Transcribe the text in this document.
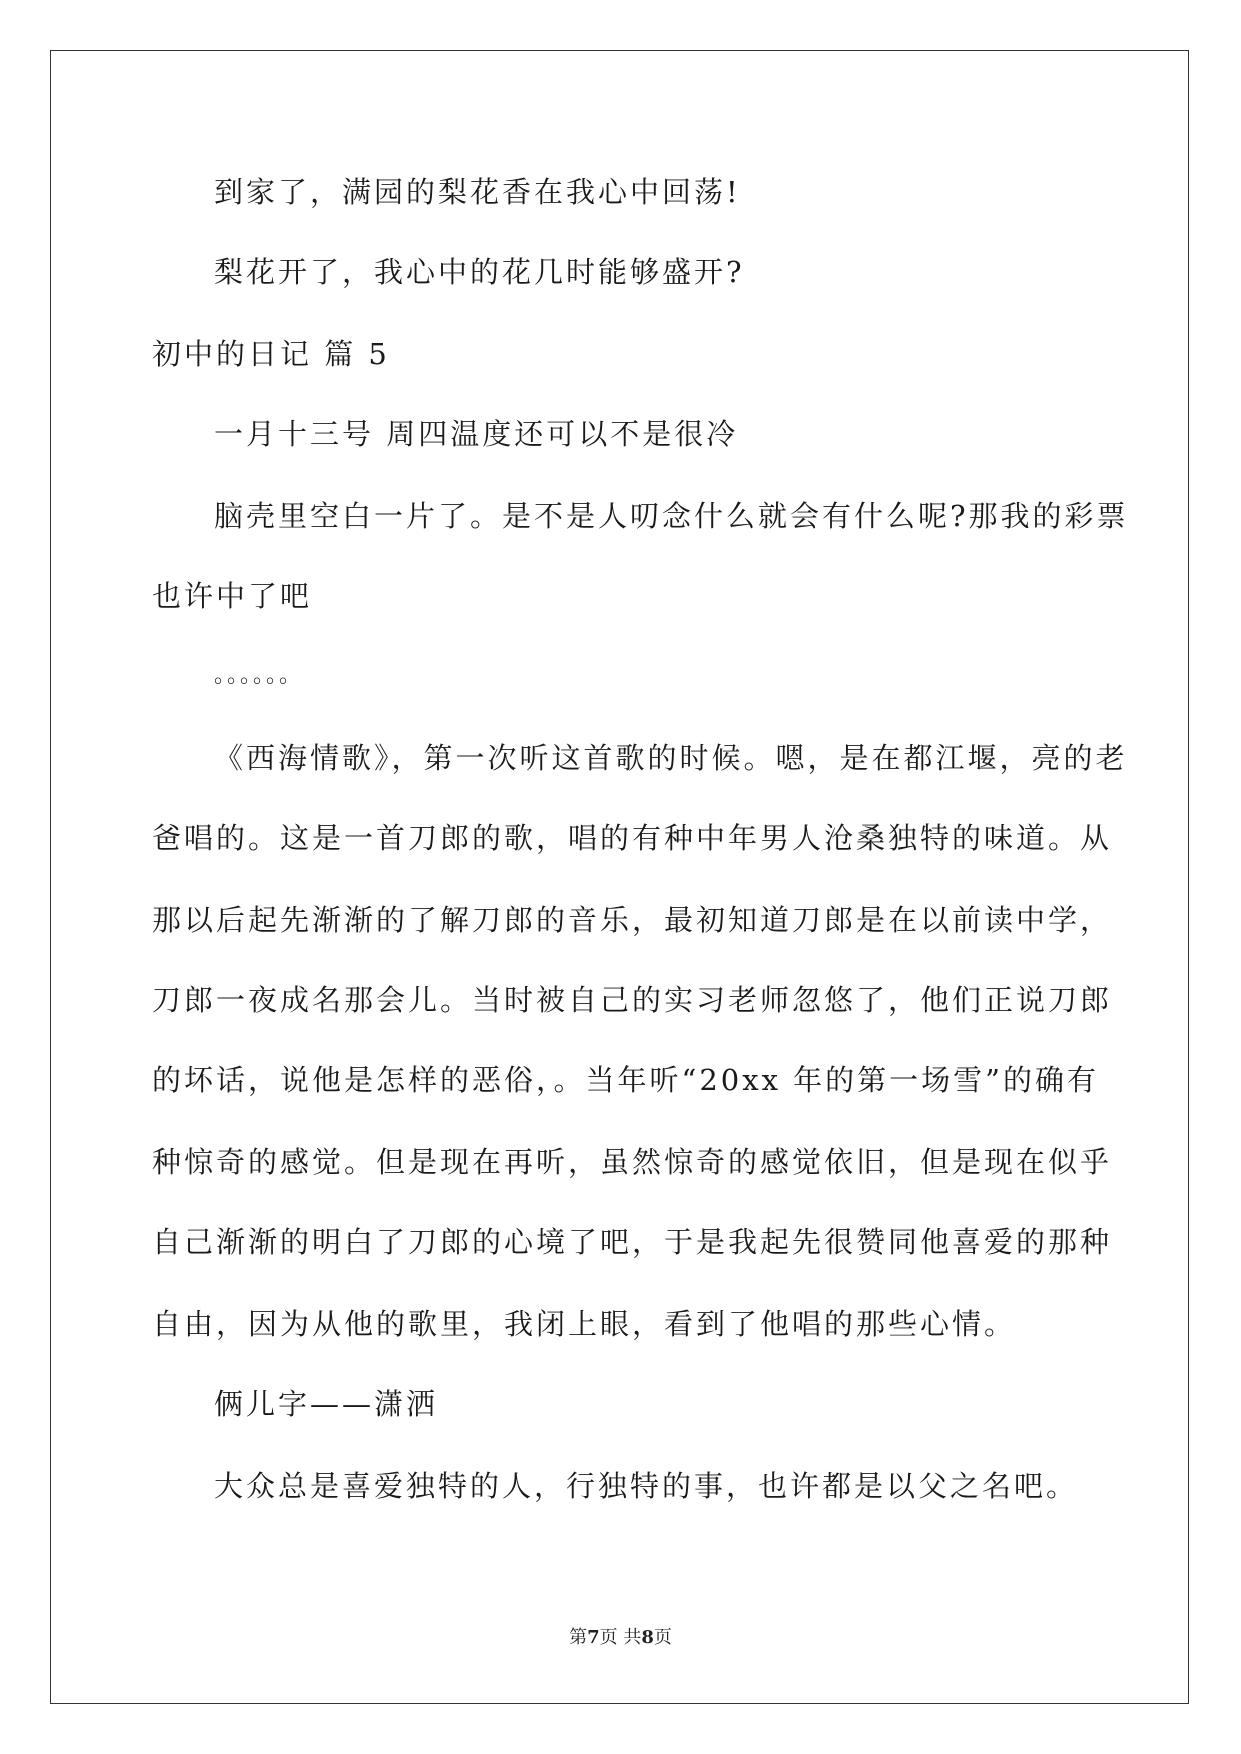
到家了，满园的梨花香在我心中回荡!
梨花开了，我心中的花几时能够盛开?
初中的日记 篇 5
一月十三号 周四温度还可以不是很冷
脑壳里空白一片了。是不是人叨念什么就会有什么呢?那我的彩票
也许中了吧
。。。。。。
《西海情歌》，第一次听这首歌的时候。嗯，是在都江堰，亮的老
爸唱的。这是一首刀郎的歌，唱的有种中年男人沧桑独特的味道。从
那以后起先渐渐的了解刀郎的音乐，最初知道刀郎是在以前读中学，
刀郎一夜成名那会儿。当时被自己的实习老师忽悠了，他们正说刀郎
的坏话，说他是怎样的恶俗，。当年听“20xx 年的第一场雪”的确有
种惊奇的感觉。但是现在再听，虽然惊奇的感觉依旧，但是现在似乎
自己渐渐的明白了刀郎的心境了吧，于是我起先很赞同他喜爱的那种
自由，因为从他的歌里，我闭上眼，看到了他唱的那些心情。
俩儿字——潇洒
大众总是喜爱独特的人，行独特的事，也许都是以父之名吧。
第7页 共8页
